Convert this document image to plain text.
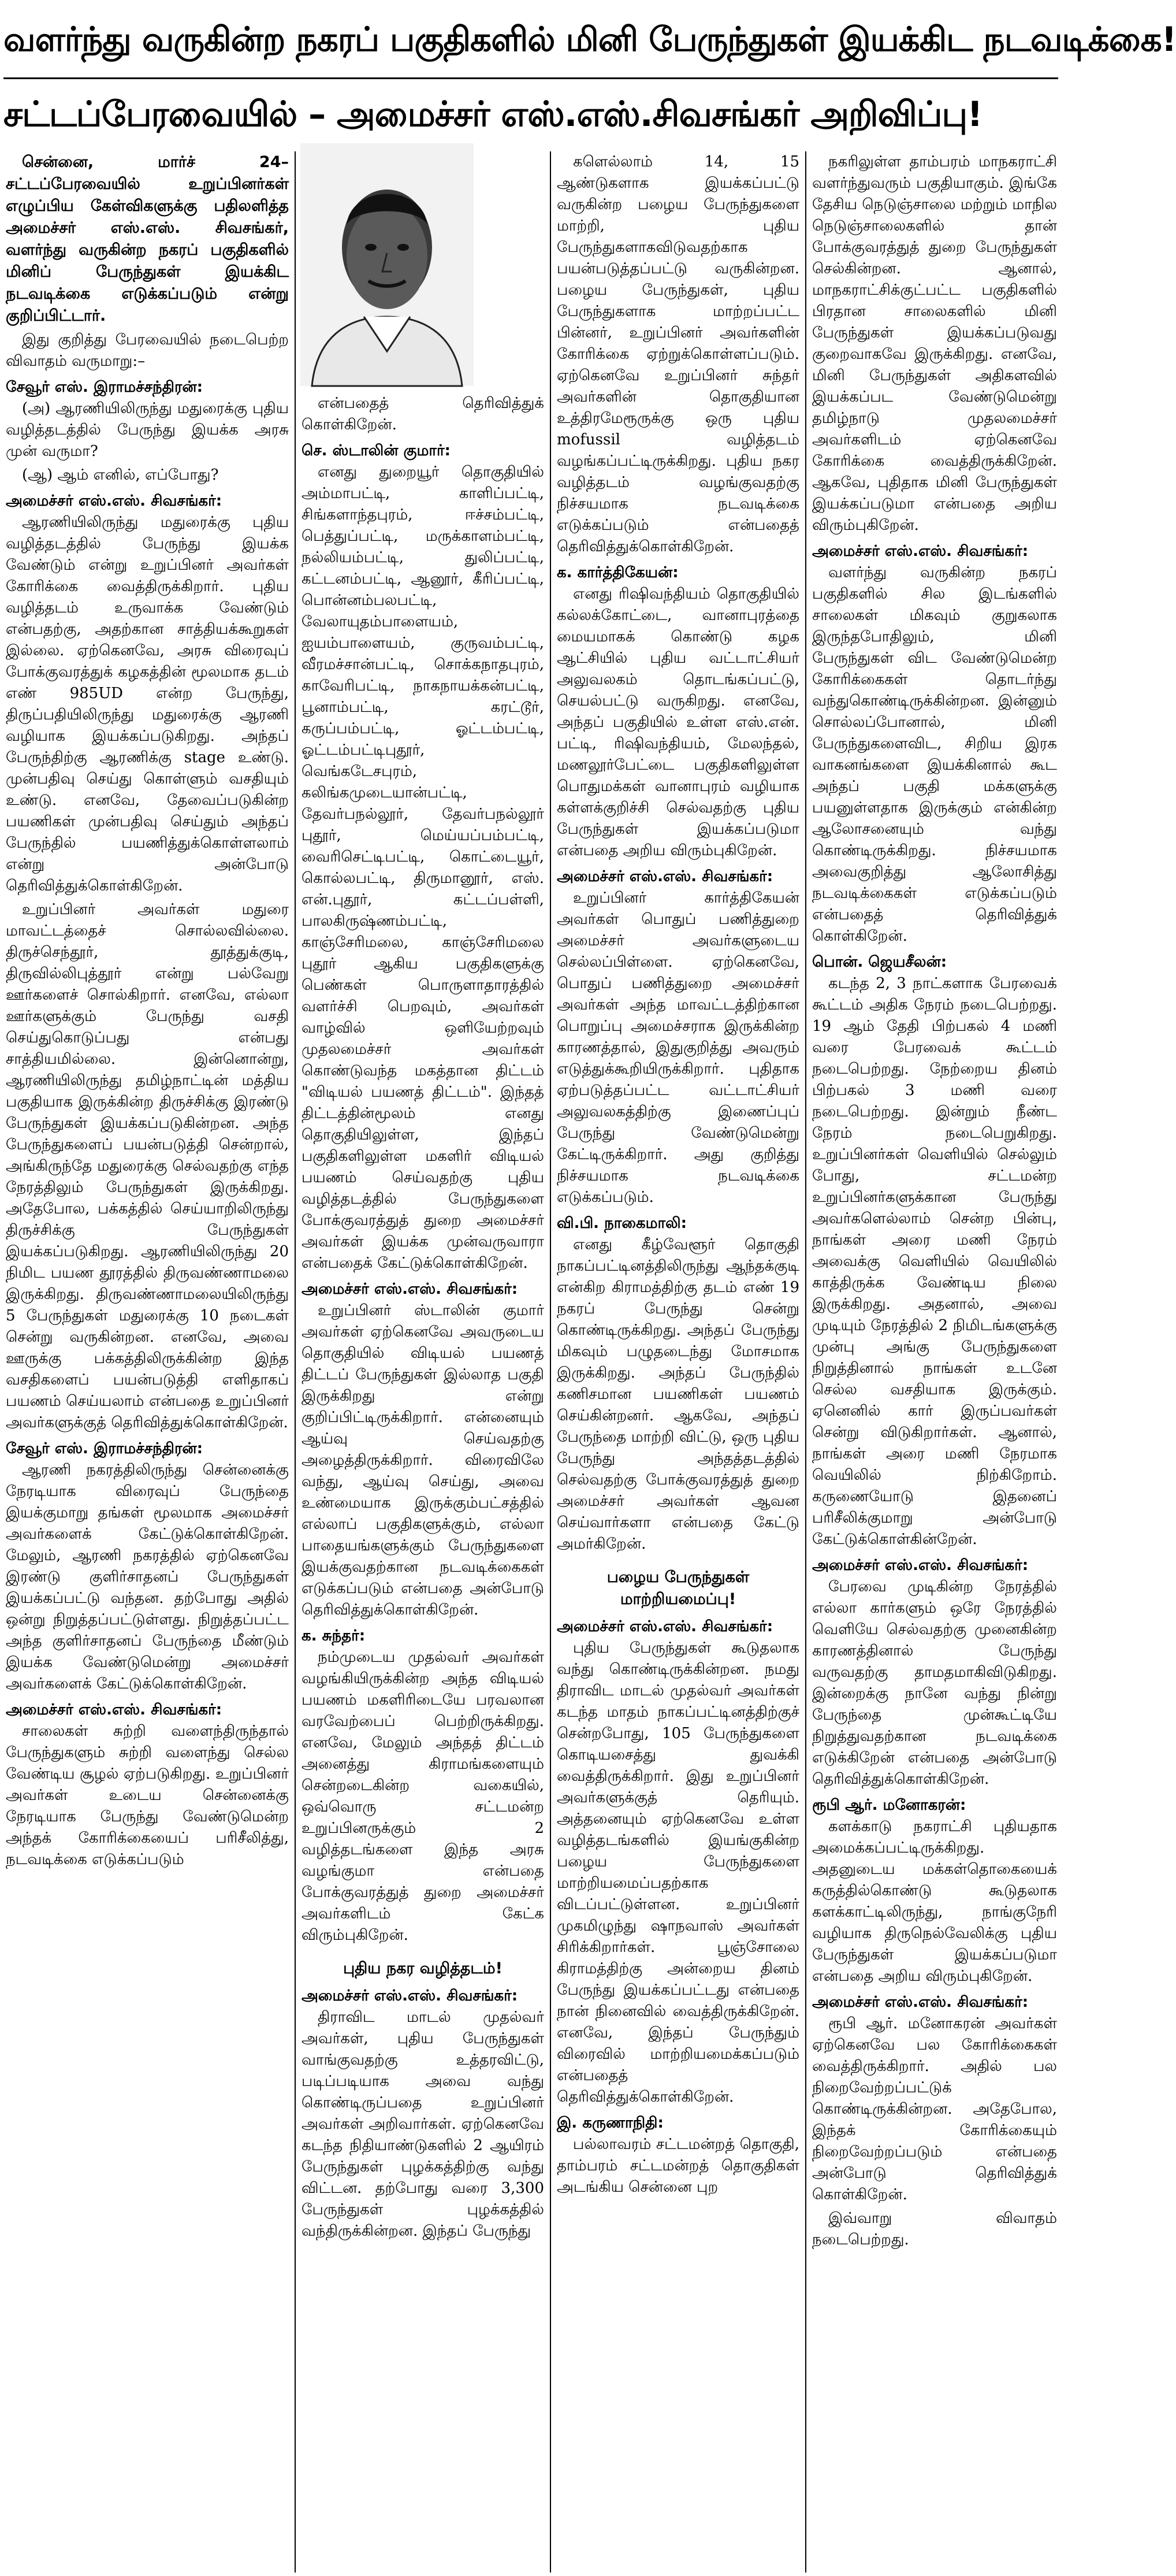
வளர்ந்து வருகின்ற நகரப் பகுதிகளில் மினி பேருந்துகள் இயக்கிட நடவடிக்கை!
சட்டப்பேரவையில் – அமைச்சர் எஸ்.எஸ்.சிவசங்கர் அறிவிப்பு!

சென்னை, மார்ச் 24– சட்டப்பேரவையில் உறுப்பினர்கள் எழுப்பிய கேள்விகளுக்கு பதிலளித்த அமைச்சர் எஸ்.எஸ். சிவசங்கர், வளர்ந்து வருகின்ற நகரப் பகுதிகளில் மினிப் பேருந்துகள் இயக்கிட நடவடிக்கை எடுக்கப்படும் என்று குறிப்பிட்டார்.

இது குறித்து பேரவையில் நடைபெற்ற விவாதம் வருமாறு:–

சேவூர் எஸ். இராமச்சந்திரன்:

(அ) ஆரணியிலிருந்து மதுரைக்கு புதிய வழித்தடத்தில் பேருந்து இயக்க அரசு முன் வருமா?

(ஆ) ஆம் எனில், எப்போது?

அமைச்சர் எஸ்.எஸ். சிவசங்கர்:

ஆரணியிலிருந்து மதுரைக்கு புதிய வழித்தடத்தில் பேருந்து இயக்க வேண்டும் என்று உறுப்பினர் அவர்கள் கோரிக்கை வைத்திருக்கிறார். புதிய வழித்தடம் உருவாக்க வேண்டும் என்பதற்கு, அதற்கான சாத்தியக்கூறுகள் இல்லை. ஏற்கெனவே, அரசு விரைவுப் போக்குவரத்துக் கழகத்தின் மூலமாக தடம் எண் 985UD என்ற பேருந்து, திருப்பதியிலிருந்து மதுரைக்கு ஆரணி வழியாக இயக்கப்படுகிறது. அந்தப் பேருந்திற்கு ஆரணிக்கு stage உண்டு. முன்பதிவு செய்து கொள்ளும் வசதியும் உண்டு. எனவே, தேவைப்படுகின்ற பயணிகள் முன்பதிவு செய்தும் அந்தப் பேருந்தில் பயணித்துக்கொள்ளலாம் என்று அன்போடு தெரிவித்துக்கொள்கிறேன்.

உறுப்பினர் அவர்கள் மதுரை மாவட்டத்தைச் சொல்லவில்லை. திருச்செந்தூர், தூத்துக்குடி, திருவில்லிபுத்தூர் என்று பல்வேறு ஊர்களைச் சொல்கிறார். எனவே, எல்லா ஊர்களுக்கும் பேருந்து வசதி செய்துகொடுப்பது என்பது சாத்தியமில்லை. இன்னொன்று, ஆரணியிலிருந்து தமிழ்நாட்டின் மத்திய பகுதியாக இருக்கின்ற திருச்சிக்கு இரண்டு பேருந்துகள் இயக்கப்படுகின்றன. அந்த பேருந்துகளைப் பயன்படுத்தி சென்றால், அங்கிருந்தே மதுரைக்கு செல்வதற்கு எந்த நேரத்திலும் பேருந்துகள் இருக்கிறது. அதேபோல, பக்கத்தில் செய்யாறிலிருந்து திருச்சிக்கு பேருந்துகள் இயக்கப்படுகிறது. ஆரணியிலிருந்து 20 நிமிட பயண தூரத்தில் திருவண்ணாமலை இருக்கிறது. திருவண்ணாமலையிலிருந்து 5 பேருந்துகள் மதுரைக்கு 10 நடைகள் சென்று வருகின்றன. எனவே, அவை ஊருக்கு பக்கத்திலிருக்கின்ற இந்த வசதிகளைப் பயன்படுத்தி எளிதாகப் பயணம் செய்யலாம் என்பதை உறுப்பினர் அவர்களுக்குத் தெரிவித்துக்கொள்கிறேன்.

சேவூர் எஸ். இராமச்சந்திரன்:

ஆரணி நகரத்திலிருந்து சென்னைக்கு நேரடியாக விரைவுப் பேருந்தை இயக்குமாறு தங்கள் மூலமாக அமைச்சர் அவர்களைக் கேட்டுக்கொள்கிறேன். மேலும், ஆரணி நகரத்தில் ஏற்கெனவே இரண்டு குளிர்சாதனப் பேருந்துகள் இயக்கப்பட்டு வந்தன. தற்போது அதில் ஒன்று நிறுத்தப்பட்டுள்ளது. நிறுத்தப்பட்ட அந்த குளிர்சாதனப் பேருந்தை மீண்டும் இயக்க வேண்டுமென்று அமைச்சர் அவர்களைக் கேட்டுக்கொள்கிறேன்.

அமைச்சர் எஸ்.எஸ். சிவசங்கர்:

சாலைகள் சுற்றி வளைந்திருந்தால் பேருந்துகளும் சுற்றி வளைந்து செல்ல வேண்டிய சூழல் ஏற்படுகிறது. உறுப்பினர் அவர்கள் உடைய சென்னைக்கு நேரடியாக பேருந்து வேண்டுமென்ற அந்தக் கோரிக்கையைப் பரிசீலித்து, நடவடிக்கை எடுக்கப்படும்

என்பதைத் தெரிவித்துக் கொள்கிறேன்.

செ. ஸ்டாலின் குமார்:

எனது துறையூர் தொகுதியில் அம்மாபட்டி, காளிப்பட்டி, சிங்களாந்தபுரம், ஈச்சம்பட்டி, பெத்துப்பட்டி, மருக்காளம்பட்டி, நல்லியம்பட்டி, துலிப்பட்டி, கட்டனம்பட்டி, ஆனூர், கீரிப்பட்டி, பொன்னம்பலபட்டி, வேலாயுதம்பாளையம், ஐயம்பாளையம், குருவம்பட்டி, வீரமச்சான்பட்டி, சொக்கநாதபுரம், காவேரிபட்டி, நாகநாயக்கன்பட்டி, பூனாம்பட்டி, கரட்டூர், கருப்பம்பட்டி, ஓட்டம்பட்டி, ஓட்டம்பட்டிபுதூர், வெங்கடேசபுரம், கலிங்கமுடையான்பட்டி, தேவர்பநல்லூர், தேவர்பநல்லூர் புதூர், மெய்யப்பம்பட்டி, வைரிசெட்டிபட்டி, கொட்டையூர், கொல்லபட்டி, திருமானூர், எஸ். என்.புதூர், கட்டப்பள்ளி, பாலகிருஷ்ணம்பட்டி, காஞ்சேரிமலை, காஞ்சேரிமலை புதூர் ஆகிய பகுதிகளுக்கு பெண்கள் பொருளாதாரத்தில் வளர்ச்சி பெறவும், அவர்கள் வாழ்வில் ஒளியேற்றவும் முதலமைச்சர் அவர்கள் கொண்டுவந்த மகத்தான திட்டம் "விடியல் பயணத் திட்டம்". இந்தத் திட்டத்தின்மூலம் எனது தொகுதியிலுள்ள, இந்தப் பகுதிகளிலுள்ள மகளிர் விடியல் பயணம் செய்வதற்கு புதிய வழித்தடத்தில் பேருந்துகளை போக்குவரத்துத் துறை அமைச்சர் அவர்கள் இயக்க முன்வருவாரா என்பதைக் கேட்டுக்கொள்கிறேன்.

அமைச்சர் எஸ்.எஸ். சிவசங்கர்:

உறுப்பினர் ஸ்டாலின் குமார் அவர்கள் ஏற்கெனவே அவருடைய தொகுதியில் விடியல் பயணத் திட்டப் பேருந்துகள் இல்லாத பகுதி இருக்கிறது என்று குறிப்பிட்டிருக்கிறார். என்னையும் ஆய்வு செய்வதற்கு அழைத்திருக்கிறார். விரைவிலே வந்து, ஆய்வு செய்து, அவை உண்மையாக இருக்கும்பட்சத்தில் எல்லாப் பகுதிகளுக்கும், எல்லா பாதையங்களுக்கும் பேருந்துகளை இயக்குவதற்கான நடவடிக்கைகள் எடுக்கப்படும் என்பதை அன்போடு தெரிவித்துக்கொள்கிறேன்.

க. சுந்தர்:

நம்முடைய முதல்வர் அவர்கள் வழங்கியிருக்கின்ற அந்த விடியல் பயணம் மகளிரிடையே பரவலான வரவேற்பைப் பெற்றிருக்கிறது. எனவே, மேலும் அந்தத் திட்டம் அனைத்து கிராமங்களையும் சென்றடைகின்ற வகையில், ஒவ்வொரு சட்டமன்ற உறுப்பினருக்கும் 2 வழித்தடங்களை இந்த அரசு வழங்குமா என்பதை போக்குவரத்துத் துறை அமைச்சர் அவர்களிடம் கேட்க விரும்புகிறேன்.

புதிய நகர வழித்தடம்!
அமைச்சர் எஸ்.எஸ். சிவசங்கர்:

திராவிட மாடல் முதல்வர் அவர்கள், புதிய பேருந்துகள் வாங்குவதற்கு உத்தரவிட்டு, படிப்படியாக அவை வந்து கொண்டிருப்பதை உறுப்பினர் அவர்கள் அறிவார்கள். ஏற்கெனவே கடந்த நிதியாண்டுகளில் 2 ஆயிரம் பேருந்துகள் புழக்கத்திற்கு வந்து விட்டன. தற்போது வரை 3,300 பேருந்துகள் புழக்கத்தில் வந்திருக்கின்றன. இந்தப் பேருந்து

களெல்லாம் 14, 15 ஆண்டுகளாக இயக்கப்பட்டு வருகின்ற பழைய பேருந்துகளை மாற்றி, புதிய பேருந்துகளாகவிடுவதற்காக பயன்படுத்தப்பட்டு வருகின்றன. பழைய பேருந்துகள், புதிய பேருந்துகளாக மாற்றப்பட்ட பின்னர், உறுப்பினர் அவர்களின் கோரிக்கை ஏற்றுக்கொள்ளப்படும். ஏற்கெனவே உறுப்பினர் சுந்தர் அவர்களின் தொகுதியான உத்திரமேரூருக்கு ஒரு புதிய mofussil வழித்தடம் வழங்கப்பட்டிருக்கிறது. புதிய நகர வழித்தடம் வழங்குவதற்கு நிச்சயமாக நடவடிக்கை எடுக்கப்படும் என்பதைத் தெரிவித்துக்கொள்கிறேன்.

க. கார்த்திகேயன்:

எனது ரிஷிவந்தியம் தொகுதியில் கல்லக்கோட்டை, வானாபுரத்தை மையமாகக் கொண்டு கழக ஆட்சியில் புதிய வட்டாட்சியர் அலுவலகம் தொடங்கப்பட்டு, செயல்பட்டு வருகிறது. எனவே, அந்தப் பகுதியில் உள்ள எஸ்.என். பட்டி, ரிஷிவந்தியம், மேலந்தல், மணலூர்பேட்டை பகுதிகளிலுள்ள பொதுமக்கள் வானாபுரம் வழியாக கள்ளக்குறிச்சி செல்வதற்கு புதிய பேருந்துகள் இயக்கப்படுமா என்பதை அறிய விரும்புகிறேன்.

அமைச்சர் எஸ்.எஸ். சிவசங்கர்:

உறுப்பினர் கார்த்திகேயன் அவர்கள் பொதுப் பணித்துறை அமைச்சர் அவர்களுடைய செல்லப்பிள்ளை. ஏற்கெனவே, பொதுப் பணித்துறை அமைச்சர் அவர்கள் அந்த மாவட்டத்திற்கான பொறுப்பு அமைச்சராக இருக்கின்ற காரணத்தால், இதுகுறித்து அவரும் எடுத்துக்கூறியிருக்கிறார். புதிதாக ஏற்படுத்தப்பட்ட வட்டாட்சியர் அலுவலகத்திற்கு இணைப்புப் பேருந்து வேண்டுமென்று கேட்டிருக்கிறார். அது குறித்து நிச்சயமாக நடவடிக்கை எடுக்கப்படும்.

வி.பி. நாகைமாலி:

எனது கீழ்வேளூர் தொகுதி நாகப்பட்டினத்திலிருந்து ஆந்தக்குடி என்கிற கிராமத்திற்கு தடம் எண் 19 நகரப் பேருந்து சென்று கொண்டிருக்கிறது. அந்தப் பேருந்து மிகவும் பழுதடைந்து மோசமாக இருக்கிறது. அந்தப் பேருந்தில் கணிசமான பயணிகள் பயணம் செய்கின்றனர். ஆகவே, அந்தப் பேருந்தை மாற்றி விட்டு, ஒரு புதிய பேருந்து அந்தத்தடத்தில் செல்வதற்கு போக்குவரத்துத் துறை அமைச்சர் அவர்கள் ஆவன செய்வார்களா என்பதை கேட்டு அமர்கிறேன்.

பழைய பேருந்துகள் மாற்றியமைப்பு!
அமைச்சர் எஸ்.எஸ். சிவசங்கர்:

புதிய பேருந்துகள் கூடுதலாக வந்து கொண்டிருக்கின்றன. நமது திராவிட மாடல் முதல்வர் அவர்கள் கடந்த மாதம் நாகப்பட்டினத்திற்குச் சென்றபோது, 105 பேருந்துகளை கொடியசைத்து துவக்கி வைத்திருக்கிறார். இது உறுப்பினர் அவர்களுக்குத் தெரியும். அத்தனையும் ஏற்கெனவே உள்ள வழித்தடங்களில் இயங்குகின்ற பழைய பேருந்துகளை மாற்றியமைப்பதற்காக விடப்பட்டுள்ளன. உறுப்பினர் முகமிழுந்து ஷாநவாஸ் அவர்கள் சிரிக்கிறார்கள். பூஞ்சோலை கிராமத்திற்கு அன்றைய தினம் பேருந்து இயக்கப்பட்டது என்பதை நான் நினைவில் வைத்திருக்கிறேன். எனவே, இந்தப் பேருந்தும் விரைவில் மாற்றியமைக்கப்படும் என்பதைத் தெரிவித்துக்கொள்கிறேன்.

இ. கருணாநிதி:

பல்லாவரம் சட்டமன்றத் தொகுதி, தாம்பரம் சட்டமன்றத் தொகுதிகள் அடங்கிய சென்னை புற

நகரிலுள்ள தாம்பரம் மாநகராட்சி வளர்ந்துவரும் பகுதியாகும். இங்கே தேசிய நெடுஞ்சாலை மற்றும் மாநில நெடுஞ்சாலைகளில் தான் போக்குவரத்துத் துறை பேருந்துகள் செல்கின்றன. ஆனால், மாநகராட்சிக்குட்பட்ட பகுதிகளில் பிரதான சாலைகளில் மினி பேருந்துகள் இயக்கப்படுவது குறைவாகவே இருக்கிறது. எனவே, மினி பேருந்துகள் அதிகளவில் இயக்கப்பட வேண்டுமென்று தமிழ்நாடு முதலமைச்சர் அவர்களிடம் ஏற்கெனவே கோரிக்கை வைத்திருக்கிறேன். ஆகவே, புதிதாக மினி பேருந்துகள் இயக்கப்படுமா என்பதை அறிய விரும்புகிறேன்.

அமைச்சர் எஸ்.எஸ். சிவசங்கர்:

வளர்ந்து வருகின்ற நகரப் பகுதிகளில் சில இடங்களில் சாலைகள் மிகவும் குறுகலாக இருந்தபோதிலும், மினி பேருந்துகள் விட வேண்டுமென்ற கோரிக்கைகள் தொடர்ந்து வந்துகொண்டிருக்கின்றன. இன்னும் சொல்லப்போனால், மினி பேருந்துகளைவிட, சிறிய இரக வாகனங்களை இயக்கினால் கூட அந்தப் பகுதி மக்களுக்கு பயனுள்ளதாக இருக்கும் என்கின்ற ஆலோசனையும் வந்து கொண்டிருக்கிறது. நிச்சயமாக அவைகுறித்து ஆலோசித்து நடவடிக்கைகள் எடுக்கப்படும் என்பதைத் தெரிவித்துக் கொள்கிறேன்.

பொன். ஜெயசீலன்:

கடந்த 2, 3 நாட்களாக பேரவைக் கூட்டம் அதிக நேரம் நடைபெற்றது. 19 ஆம் தேதி பிற்பகல் 4 மணி வரை பேரவைக் கூட்டம் நடைபெற்றது. நேற்றைய தினம் பிற்பகல் 3 மணி வரை நடைபெற்றது. இன்றும் நீண்ட நேரம் நடைபெறுகிறது. உறுப்பினர்கள் வெளியில் செல்லும் போது, சட்டமன்ற உறுப்பினர்களுக்கான பேருந்து அவர்களெல்லாம் சென்ற பின்பு, நாங்கள் அரை மணி நேரம் அவைக்கு வெளியில் வெயிலில் காத்திருக்க வேண்டிய நிலை இருக்கிறது. அதனால், அவை முடியும் நேரத்தில் 2 நிமிடங்களுக்கு முன்பு அங்கு பேருந்துகளை நிறுத்தினால் நாங்கள் உடனே செல்ல வசதியாக இருக்கும். ஏனெனில் கார் இருப்பவர்கள் சென்று விடுகிறார்கள். ஆனால், நாங்கள் அரை மணி நேரமாக வெயிலில் நிற்கிறோம். கருணையோடு இதனைப் பரிசீலிக்குமாறு அன்போடு கேட்டுக்கொள்கின்றேன்.

அமைச்சர் எஸ்.எஸ். சிவசங்கர்:

பேரவை முடிகின்ற நேரத்தில் எல்லா கார்களும் ஒரே நேரத்தில் வெளியே செல்வதற்கு முனைகின்ற காரணத்தினால் பேருந்து வருவதற்கு தாமதமாகிவிடுகிறது. இன்றைக்கு நானே வந்து நின்று பேருந்தை முன்கூட்டியே நிறுத்துவதற்கான நடவடிக்கை எடுக்கிறேன் என்பதை அன்போடு தெரிவித்துக்கொள்கிறேன்.

ரூபி ஆர். மனோகரன்:

களக்காடு நகராட்சி புதியதாக அமைக்கப்பட்டிருக்கிறது. அதனுடைய மக்கள்தொகையைக் கருத்தில்கொண்டு கூடுதலாக களக்காட்டிலிருந்து, நாங்குநேரி வழியாக திருநெல்வேலிக்கு புதிய பேருந்துகள் இயக்கப்படுமா என்பதை அறிய விரும்புகிறேன்.

அமைச்சர் எஸ்.எஸ். சிவசங்கர்:

ரூபி ஆர். மனோகரன் அவர்கள் ஏற்கெனவே பல கோரிக்கைகள் வைத்திருக்கிறார். அதில் பல நிறைவேற்றப்பட்டுக் கொண்டிருக்கின்றன. அதேபோல, இந்தக் கோரிக்கையும் நிறைவேற்றப்படும் என்பதை அன்போடு தெரிவித்துக் கொள்கிறேன்.

இவ்வாறு விவாதம் நடைபெற்றது.
